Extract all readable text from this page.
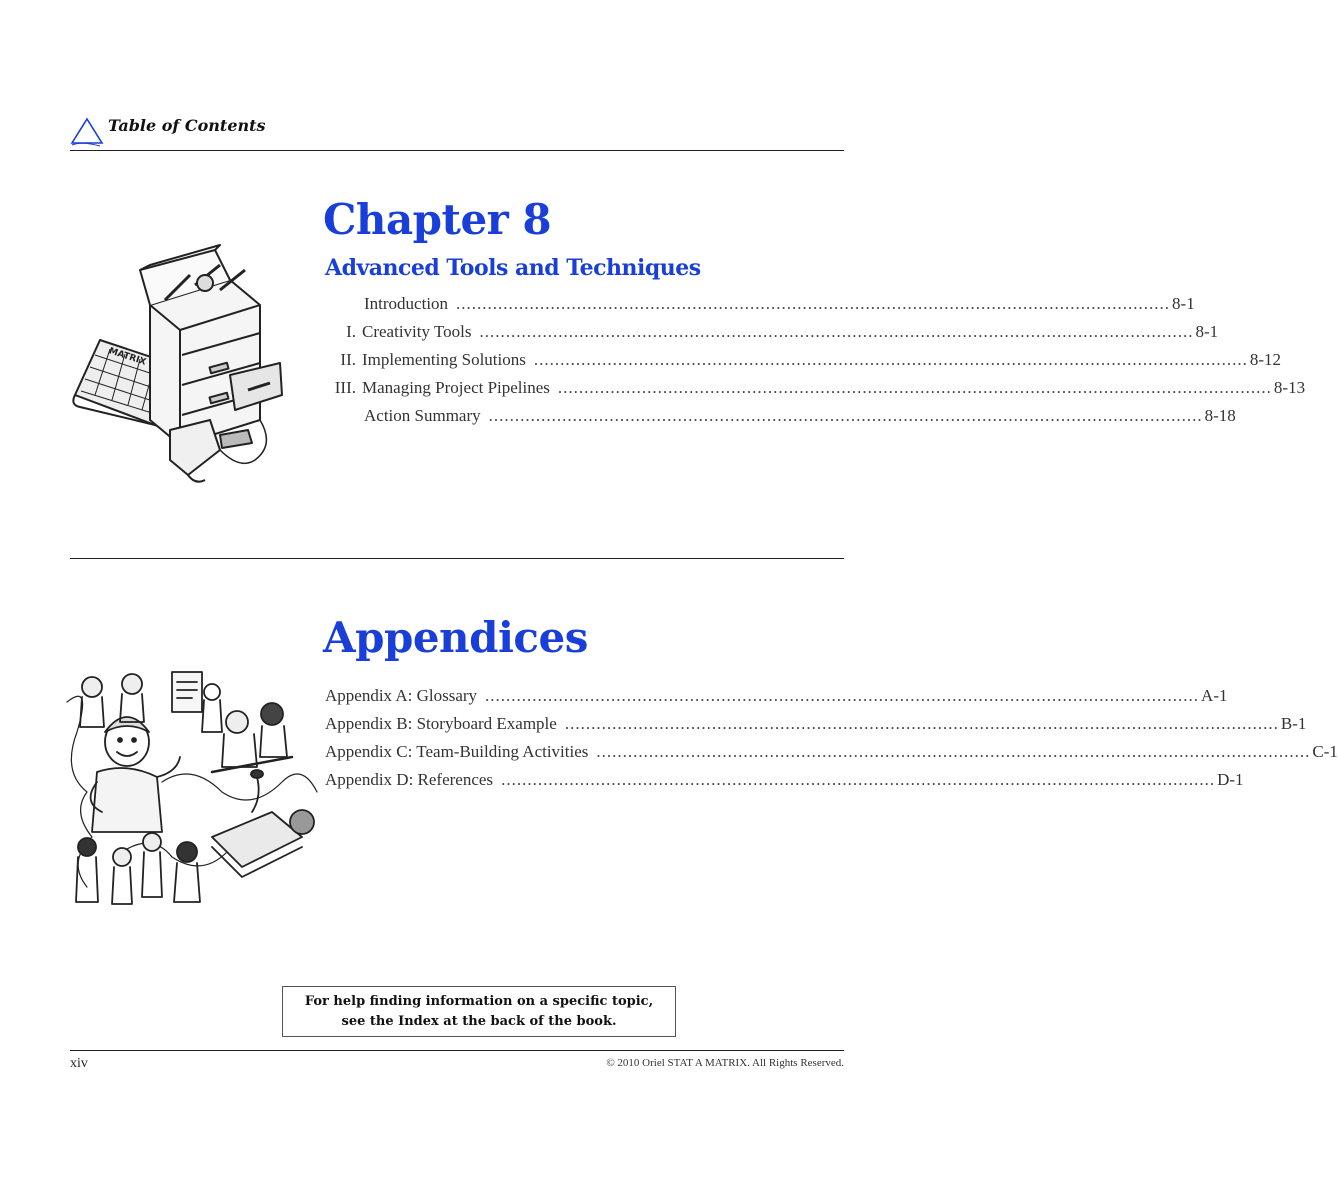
Table of Contents
Chapter 8
Advanced Tools and Techniques
Introduction ........................................................................................................................................ 8-1
I. Creativity Tools ........................................................................................................................................ 8-1
II. Implementing Solutions ........................................................................................................................................ 8-12
III. Managing Project Pipelines ........................................................................................................................................ 8-13
Action Summary ........................................................................................................................................ 8-18
MATRIX
Appendices
Appendix A: Glossary ........................................................................................................................................ A-1
Appendix B: Storyboard Example ........................................................................................................................................ B-1
Appendix C: Team-Building Activities ........................................................................................................................................ C-1
Appendix D: References ........................................................................................................................................ D-1
For help finding information on a specific topic,
see the Index at the back of the book.
xiv	© 2010 Oriel STAT A MATRIX. All Rights Reserved.
